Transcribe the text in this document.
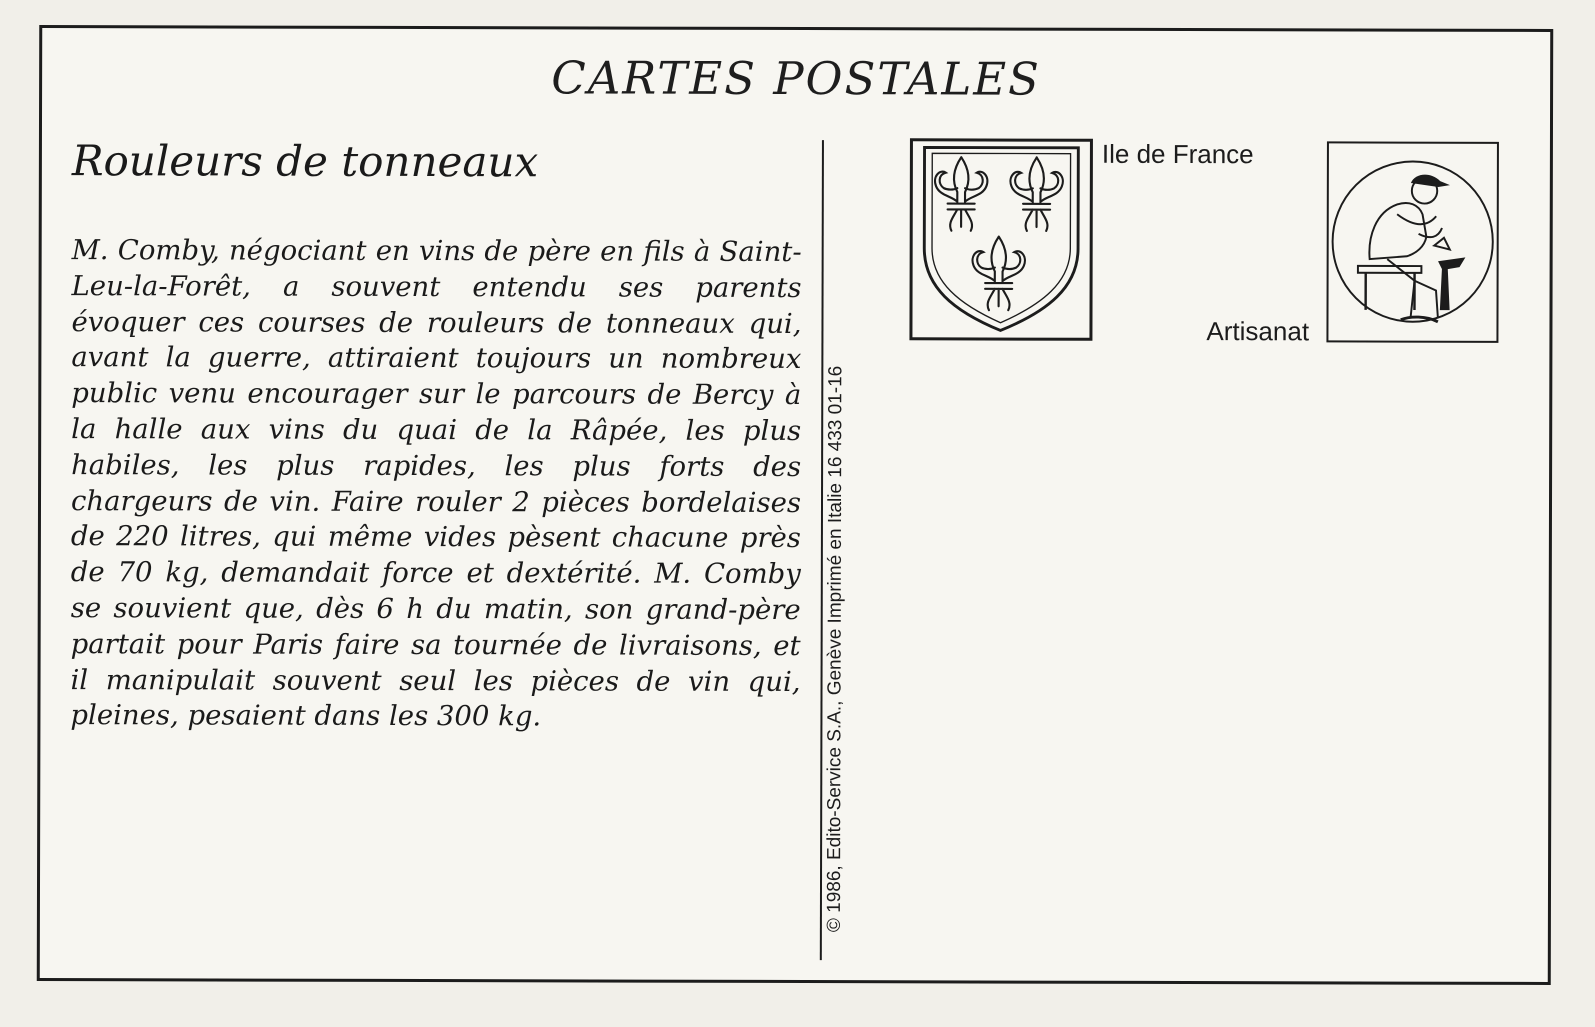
CARTES POSTALES
Rouleurs de tonneaux

M. Comby, négociant en vins de père en fils à Saint-Leu-la-Forêt, a souvent entendu ses parents évoquer ces courses de rouleurs de tonneaux qui, avant la guerre, attiraient toujours un nombreux public venu encourager sur le parcours de Bercy à la halle aux vins du quai de la Râpée, les plus habiles, les plus rapides, les plus forts des chargeurs de vin. Faire rouler 2 pièces bordelaises de 220 litres, qui même vides pèsent chacune près de 70 kg, demandait force et dextérité. M. Comby se souvient que, dès 6 h du matin, son grand-père partait pour Paris faire sa tournée de livraisons, et il manipulait souvent seul les pièces de vin qui, pleines, pesaient dans les 300 kg.	© 1986, Edito-Service S.A., Genève Imprimé en Italie 16 433 01-16
Ile de France
Artisanat
